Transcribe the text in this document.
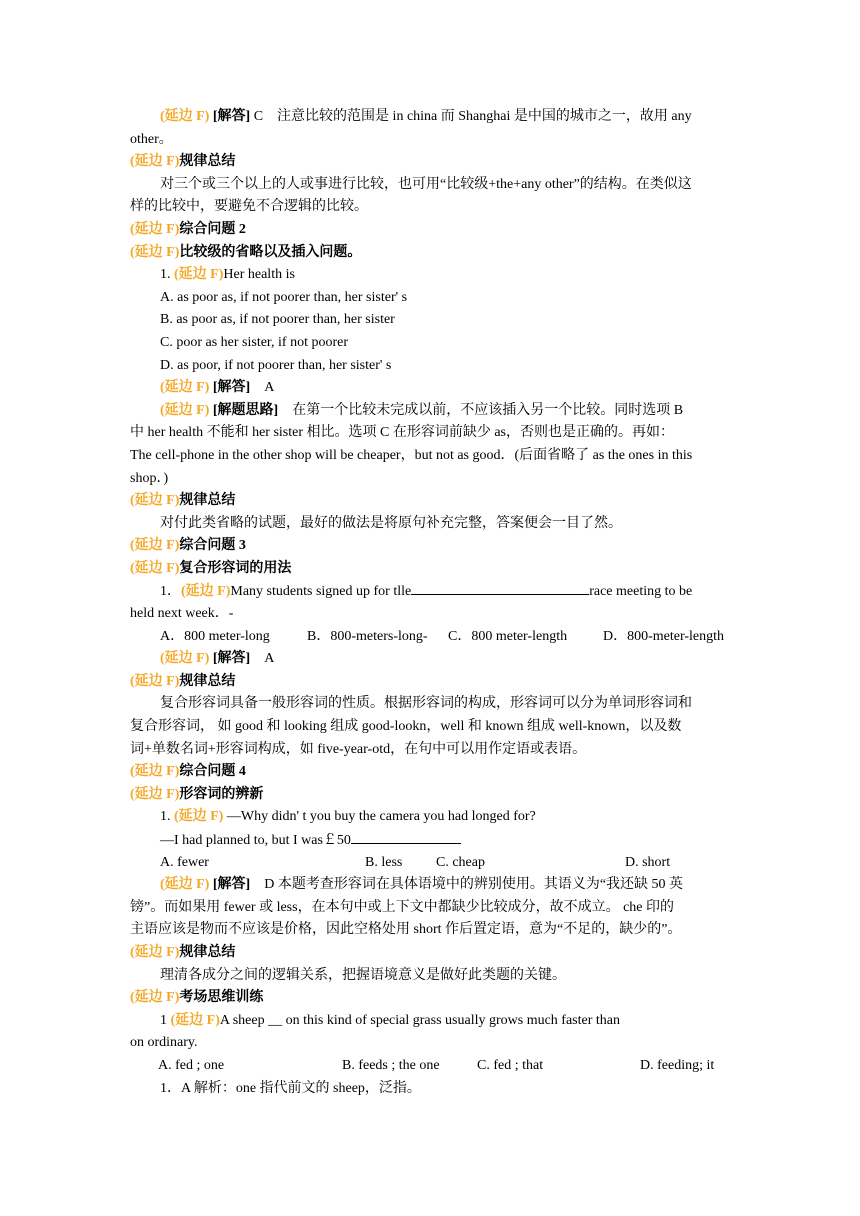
(延边 F) [解答] C　注意比较的范围是 in china 而 Shanghai 是中国的城市之一，故用 any
other。
(延边 F)规律总结
对三个或三个以上的人或事进行比较，也可用“比较级+the+any other”的结构。在类似这
样的比较中，要避免不合逻辑的比较。
(延边 F)综合问题 2
(延边 F)比较级的省略以及插入问题。
1. (延边 F)Her health is
A. as poor as, if not poorer than, her sister' s
B. as poor as, if not poorer than, her sister
C. poor as her sister, if not poorer
D. as poor, if not poorer than, her sister' s
(延边 F) [解答]　A
(延边 F) [解题思路]　在第一个比较未完成以前，不应该插入另一个比较。同时选项 B
中 her health 不能和 her sister 相比。选项 C 在形容词前缺少 as，否则也是正确的。再如：
The cell-phone in the other shop will be cheaper，but not as good．(后面省略了 as the ones in this
shop．)
(延边 F)规律总结
对付此类省略的试题，最好的做法是将原句补充完整，答案便会一目了然。
(延边 F)综合问题 3
(延边 F)复合形容词的用法
1．(延边 F)Many students signed up for tlle	race meeting to be
held next week．-
A．800 meter-long	B．800-meters-long- C．800 meter-length	D．800-meter-length
(延边 F) [解答]　A
(延边 F)规律总结
复合形容词具备一般形容词的性质。根据形容词的构成，形容词可以分为单词形容词和
复合形容词， 如 good 和 looking 组成 good-lookn，well 和 known 组成 well-known，以及数
词+单数名词+形容词构成，如 five-year-otd，在句中可以用作定语或表语。
(延边 F)综合问题 4
(延边 F)形容词的辨新
1. (延边 F) —Why didn' t you buy the camera you had longed for?
—I had planned to, but I was￡50
A. fewer	B. less C. cheap	D. short
(延边 F) [解答]　D 本题考查形容词在具体语境中的辨别使用。其语义为“我还缺 50 英
镑”。而如果用 fewer 或 less，在本句中或上下文中都缺少比较成分，故不成立。 che 印的
主语应该是物而不应该是价格，因此空格处用 short 作后置定语，意为“不足的，缺少的”。
(延边 F)规律总结
理清各成分之间的逻辑关系，把握语境意义是做好此类题的关键。
(延边 F)考场思维训练
1 (延边 F)A sheep __ on this kind of special grass usually grows much faster than
on ordinary.
A. fed ; one	B. feeds ; the one	C. fed ; that	D. feeding; it
1．A 解析：one 指代前文的 sheep，泛指。
